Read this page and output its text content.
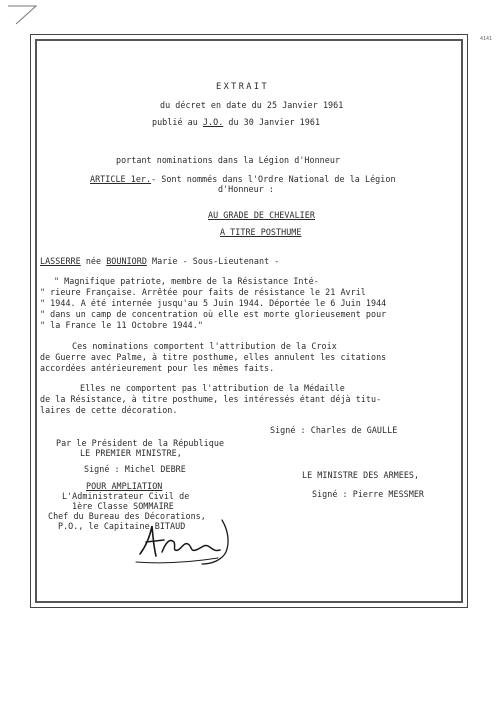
4141
EXTRAIT
du décret en date du 25 Janvier 1961
publié au J.O. du 30 Janvier 1961
portant nominations dans la Légion d'Honneur
ARTICLE 1er.- Sont nommés dans l'Ordre National de la Légion
d'Honneur :
AU GRADE DE CHEVALIER
A TITRE POSTHUME
LASSERRE née BOUNIORD Marie - Sous-Lieutenant -
" Magnifique patriote, membre de la Résistance Inté-
" rieure Française. Arrêtée pour faits de résistance le 21 Avril
" 1944. A été internée jusqu'au 5 Juin 1944. Déportée le 6 Juin 1944
" dans un camp de concentration où elle est morte glorieusement pour
" la France le 11 Octobre 1944."
Ces nominations comportent l'attribution de la Croix
de Guerre avec Palme, à titre posthume, elles annulent les citations
accordées antérieurement pour les mêmes faits.
Elles ne comportent pas l'attribution de la Médaille
de la Résistance, à titre posthume, les intéressés étant déjà titu-
laires de cette décoration.
Signé : Charles de GAULLE
Par le Président de la République
LE PREMIER MINISTRE,
Signé : Michel DEBRE
LE MINISTRE DES ARMEES,
Signé : Pierre MESSMER
POUR AMPLIATION
L'Administrateur Civil de
1ère Classe SOMMAIRE
Chef du Bureau des Décorations,
P.O., le Capitaine BITAUD
